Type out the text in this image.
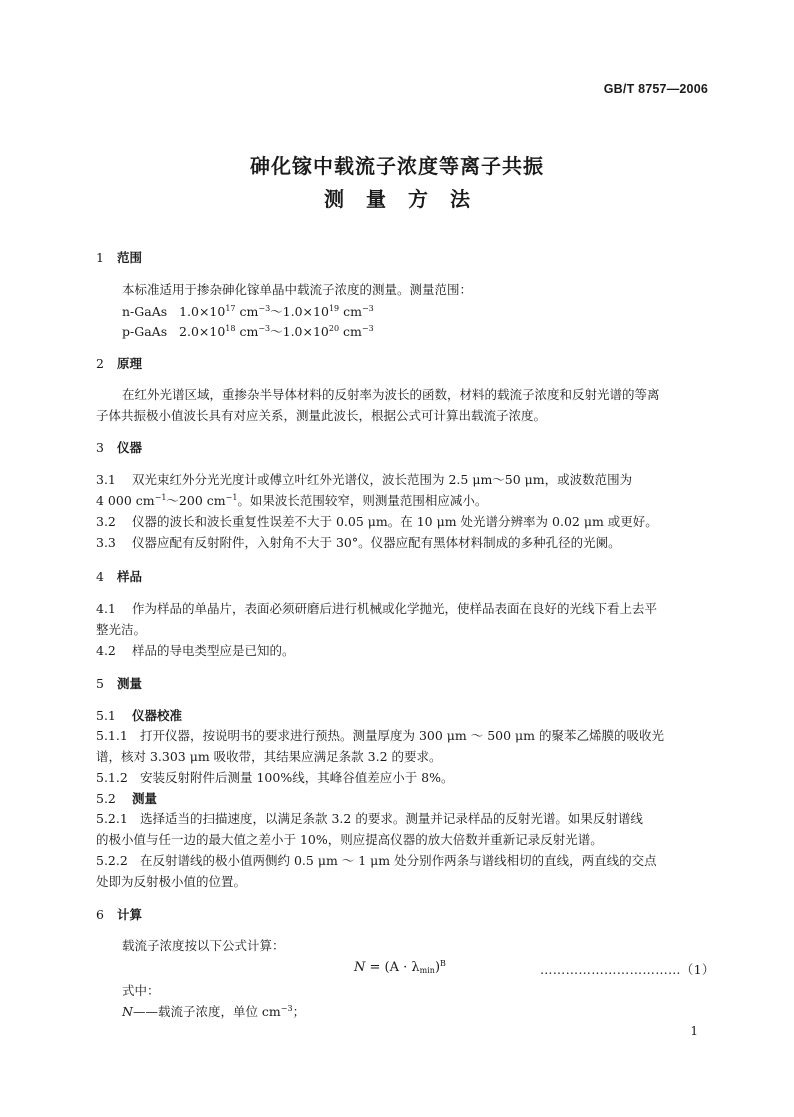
GB/T 8757—2006
砷化镓中载流子浓度等离子共振
测量方法
1 范围
本标准适用于掺杂砷化镓单晶中载流子浓度的测量。测量范围：
n-GaAs $1.0\times 10^{17}$ $cm^{-3}\sim 1.0\times 10^{19}$ $cm^{-3}$
p-GaAs $2.0\times 10^{18}$ $cm^{-3}\sim 1.0\times 10^{20}$ $cm^{-3}$
2 原理
在红外光谱区域，重掺杂半导体材料的反射率为波长的函数，材料的载流子浓度和反射光谱的等离
子体共振极小值波长具有对应关系，测量此波长，根据公式可计算出载流子浓度。
3 仪器
3.1 双光束红外分光光度计或傅立叶红外光谱仪，波长范围为 2.5 μm～50 μm，或波数范围为
4 000 $cm^{-1}\sim 200$ $cm^{-1}$。如果波长范围较窄，则测量范围相应减小。
3.2 仪器的波长和波长重复性误差不大于 0.05 μm。在 10 μm 处光谱分辨率为 0.02 μm 或更好。
3.3 仪器应配有反射附件，入射角不大于 30°。仪器应配有黑体材料制成的多种孔径的光阑。
4 样品
4.1 作为样品的单晶片，表面必须研磨后进行机械或化学抛光，使样品表面在良好的光线下看上去平
整光洁。
4.2 样品的导电类型应是已知的。
5 测量
5.1 仪器校准
5.1.1 打开仪器，按说明书的要求进行预热。测量厚度为 300 μm ～ 500 μm 的聚苯乙烯膜的吸收光
谱，核对 3.303 μm 吸收带，其结果应满足条款 3.2 的要求。
5.1.2 安装反射附件后测量 100%线，其峰谷值差应小于 8%。
5.2 测量
5.2.1 选择适当的扫描速度，以满足条款 3.2 的要求。测量并记录样品的反射光谱。如果反射谱线
的极小值与任一边的最大值之差小于 10%，则应提高仪器的放大倍数并重新记录反射光谱。
5.2.2 在反射谱线的极小值两侧约 0.5 μm ～ 1 μm 处分别作两条与谱线相切的直线，两直线的交点
处即为反射极小值的位置。
6 计算
载流子浓度按以下公式计算：
$N = (A \cdot \lambda_{min})^B$	……………………………（1）
式中：
N——载流子浓度，单位 $cm^{-3}$；
1
